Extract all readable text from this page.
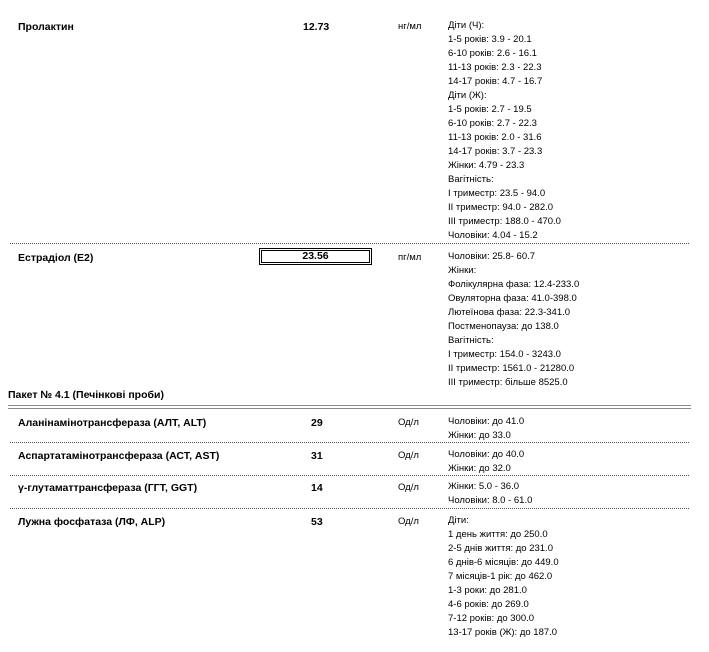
Пролактин	12.73	нг/мл	Діти (Ч):
1-5 років: 3.9 - 20.1
6-10 років: 2.6 - 16.1
11-13 років: 2.3 - 22.3
14-17 років: 4.7 - 16.7
Діти (Ж):
1-5 років: 2.7 - 19.5
6-10 років: 2.7 - 22.3
11-13 років: 2.0 - 31.6
14-17 років: 3.7 - 23.3
Жінки: 4.79 - 23.3
Вагітність:
I триместр: 23.5 - 94.0
II триместр: 94.0 - 282.0
III триместр: 188.0 - 470.0
Чоловіки: 4.04 - 15.2
Естрадіол (Е2)	23.56	пг/мл	Чоловіки: 25.8- 60.7
Жінки:
Фолікулярна фаза: 12.4-233.0
Овуляторна фаза: 41.0-398.0
Лютеїнова фаза: 22.3-341.0
Постменопауза: до 138.0
Вагітність:
I триместр: 154.0 - 3243.0
II триместр: 1561.0 - 21280.0
III триместр: більше 8525.0
Пакет № 4.1 (Печінкові проби)
Аланінамінотрансфераза (АЛТ, ALT)	29	Од/л	Чоловіки: до 41.0
Жінки: до 33.0
Аспартатамінотрансфераза (АСТ, AST)	31	Од/л	Чоловіки: до 40.0
Жінки: до 32.0
γ-глутаматтрансфераза (ГГТ, GGT)	14	Од/л	Жінки: 5.0 - 36.0
Чоловіки: 8.0 - 61.0
Лужна фосфатаза (ЛФ, ALP)	53	Од/л	Діти:
1 день життя: до 250.0
2-5 днів життя: до 231.0
6 днів-6 місяців: до 449.0
7 місяців-1 рік: до 462.0
1-3 роки: до 281.0
4-6 років: до 269.0
7-12 років: до 300.0
13-17 років (Ж): до 187.0
